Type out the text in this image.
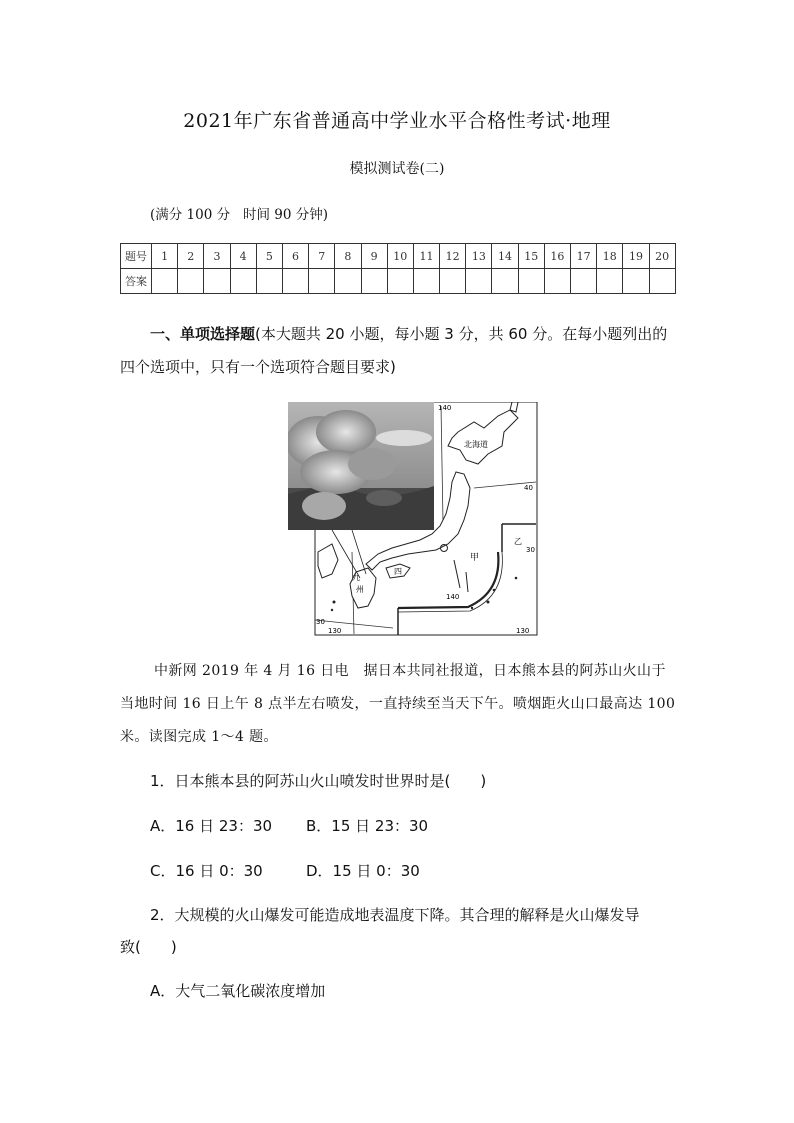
2021年广东省普通高中学业水平合格性考试·地理
模拟测试卷(二)
(满分 100 分   时间 90 分钟)
题号	1	2	3	4	5	6	7	8	9	10	11	12	13	14	15	16	17	18	19	20
答案																				
一、单项选择题(本大题共 20 小题，每小题 3 分，共 60 分。在每小题列出的四个选项中，只有一个选项符合题目要求)
北海道
40
140
140
甲
乙
30
九
州
四
30
130	130
中新网 2019 年 4 月 16 日电　据日本共同社报道，日本熊本县的阿苏山火山于当地时间 16 日上午 8 点半左右喷发，一直持续至当天下午。喷烟距火山口最高达 100 米。读图完成 1～4 题。
1．日本熊本县的阿苏山火山喷发时世界时是(　　)
A．16 日 23：30 B．15 日 23：30
C．16 日 0：30	D．15 日 0：30
2．大规模的火山爆发可能造成地表温度下降。其合理的解释是火山爆发导
致(　　)
A．大气二氧化碳浓度增加
